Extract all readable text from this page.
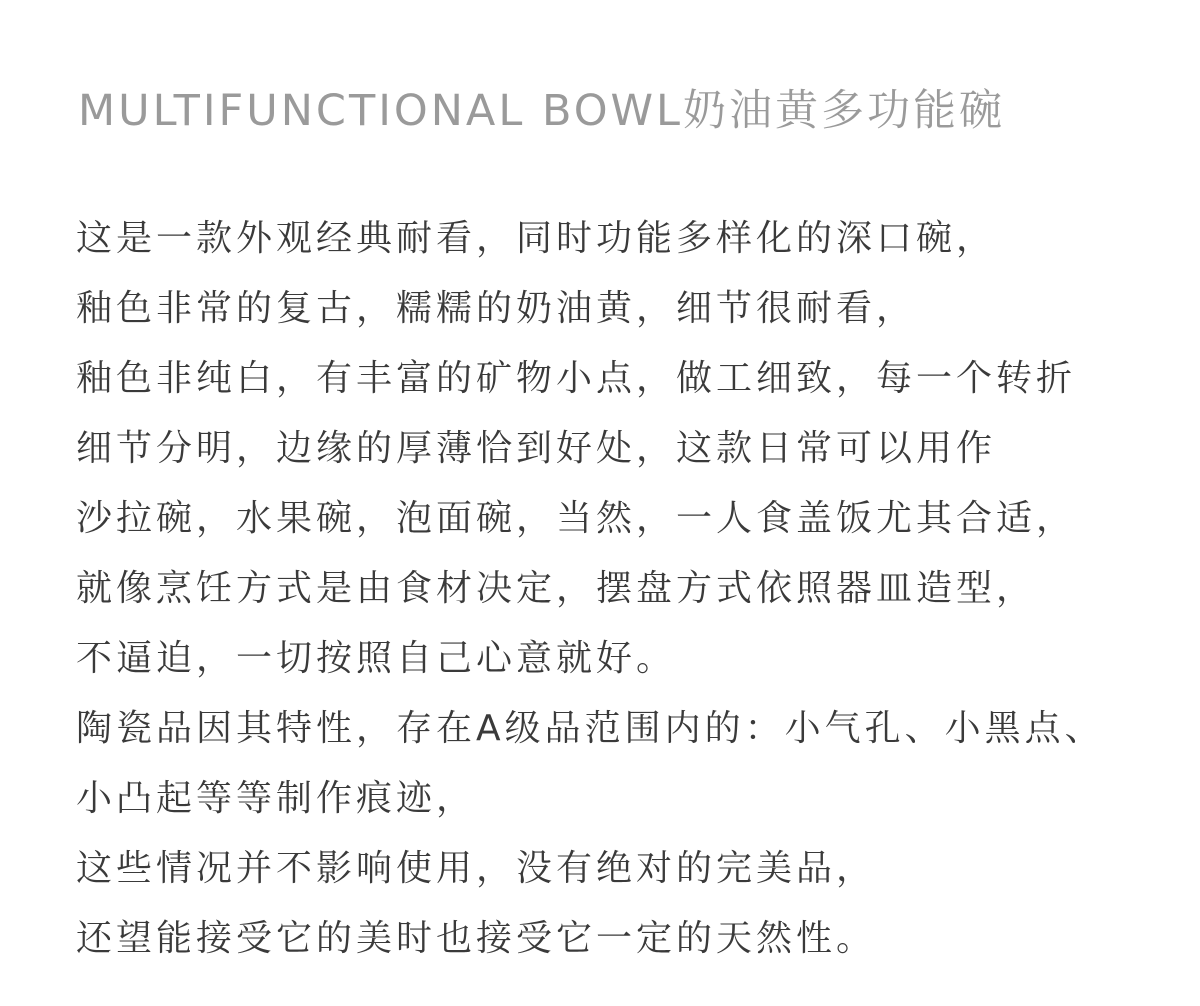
MULTIFUNCTIONAL BOWL奶油黄多功能碗
这是一款外观经典耐看，同时功能多样化的深口碗，
釉色非常的复古，糯糯的奶油黄，细节很耐看，
釉色非纯白，有丰富的矿物小点，做工细致，每一个转折
细节分明，边缘的厚薄恰到好处，这款日常可以用作
沙拉碗，水果碗，泡面碗，当然，一人食盖饭尤其合适，
就像烹饪方式是由食材决定，摆盘方式依照器皿造型，
不逼迫，一切按照自己心意就好。
陶瓷品因其特性，存在A级品范围内的：小气孔、小黑点、
小凸起等等制作痕迹，
这些情况并不影响使用，没有绝对的完美品，
还望能接受它的美时也接受它一定的天然性。
